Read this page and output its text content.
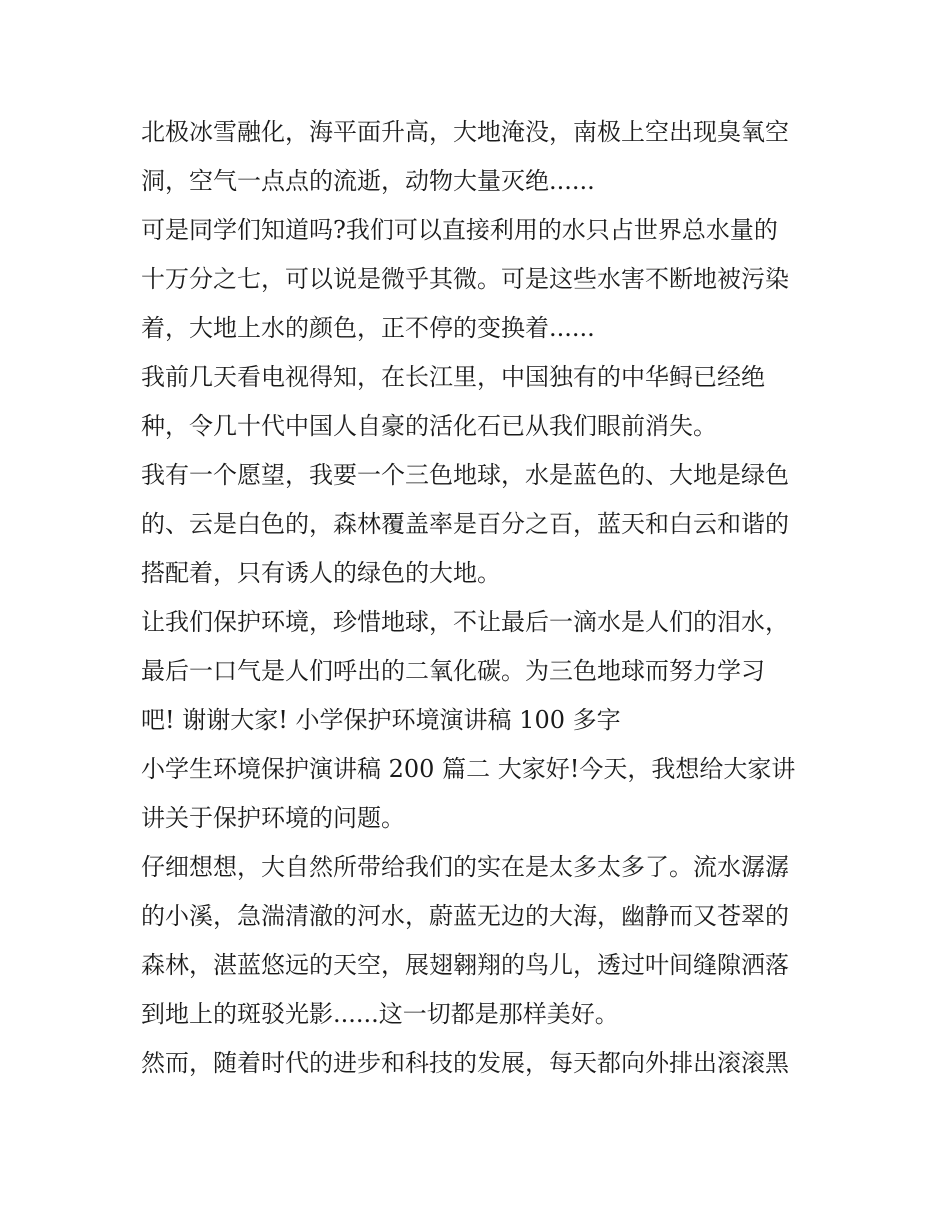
北极冰雪融化，海平面升高，大地淹没，南极上空出现臭氧空
洞，空气一点点的流逝，动物大量灭绝......
可是同学们知道吗?我们可以直接利用的水只占世界总水量的
十万分之七，可以说是微乎其微。可是这些水害不断地被污染
着，大地上水的颜色，正不停的变换着......
我前几天看电视得知，在长江里，中国独有的中华鲟已经绝
种，令几十代中国人自豪的活化石已从我们眼前消失。
我有一个愿望，我要一个三色地球，水是蓝色的、大地是绿色
的、云是白色的，森林覆盖率是百分之百，蓝天和白云和谐的
搭配着，只有诱人的绿色的大地。
让我们保护环境，珍惜地球，不让最后一滴水是人们的泪水，
最后一口气是人们呼出的二氧化碳。为三色地球而努力学习
吧! 谢谢大家! 小学保护环境演讲稿 100 多字
小学生环境保护演讲稿 200 篇二 大家好!今天，我想给大家讲
讲关于保护环境的问题。
仔细想想，大自然所带给我们的实在是太多太多了。流水潺潺
的小溪，急湍清澈的河水，蔚蓝无边的大海，幽静而又苍翠的
森林，湛蓝悠远的天空，展翅翱翔的鸟儿，透过叶间缝隙洒落
到地上的斑驳光影......这一切都是那样美好。
然而，随着时代的进步和科技的发展，每天都向外排出滚滚黑
